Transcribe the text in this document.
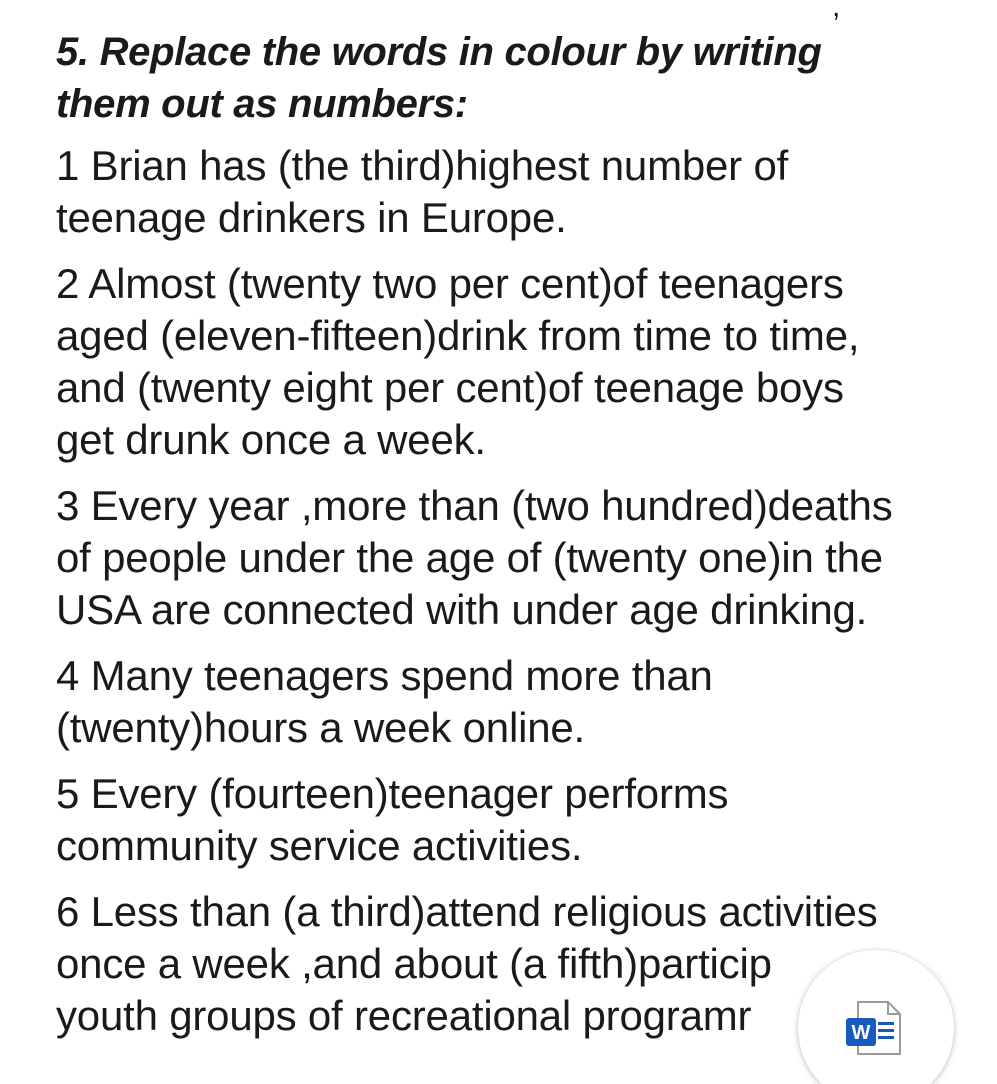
,
5. Replace the words in colour by writing
them out as numbers:
1 Brian has (the third)highest number of
teenage drinkers in Europe.
2 Almost (twenty two per cent)of teenagers
aged (eleven-fifteen)drink from time to time,
and (twenty eight per cent)of teenage boys
get drunk once a week.
3 Every year ,more than (two hundred)deaths
of people under the age of (twenty one)in the
USA are connected with under age drinking.
4 Many teenagers spend more than
(twenty)hours a week online.
5 Every (fourteen)teenager performs
community service activities.
6 Less than (a third)attend religious activities
once a week ,and about (a fifth)particip
youth groups of recreational programr	W
